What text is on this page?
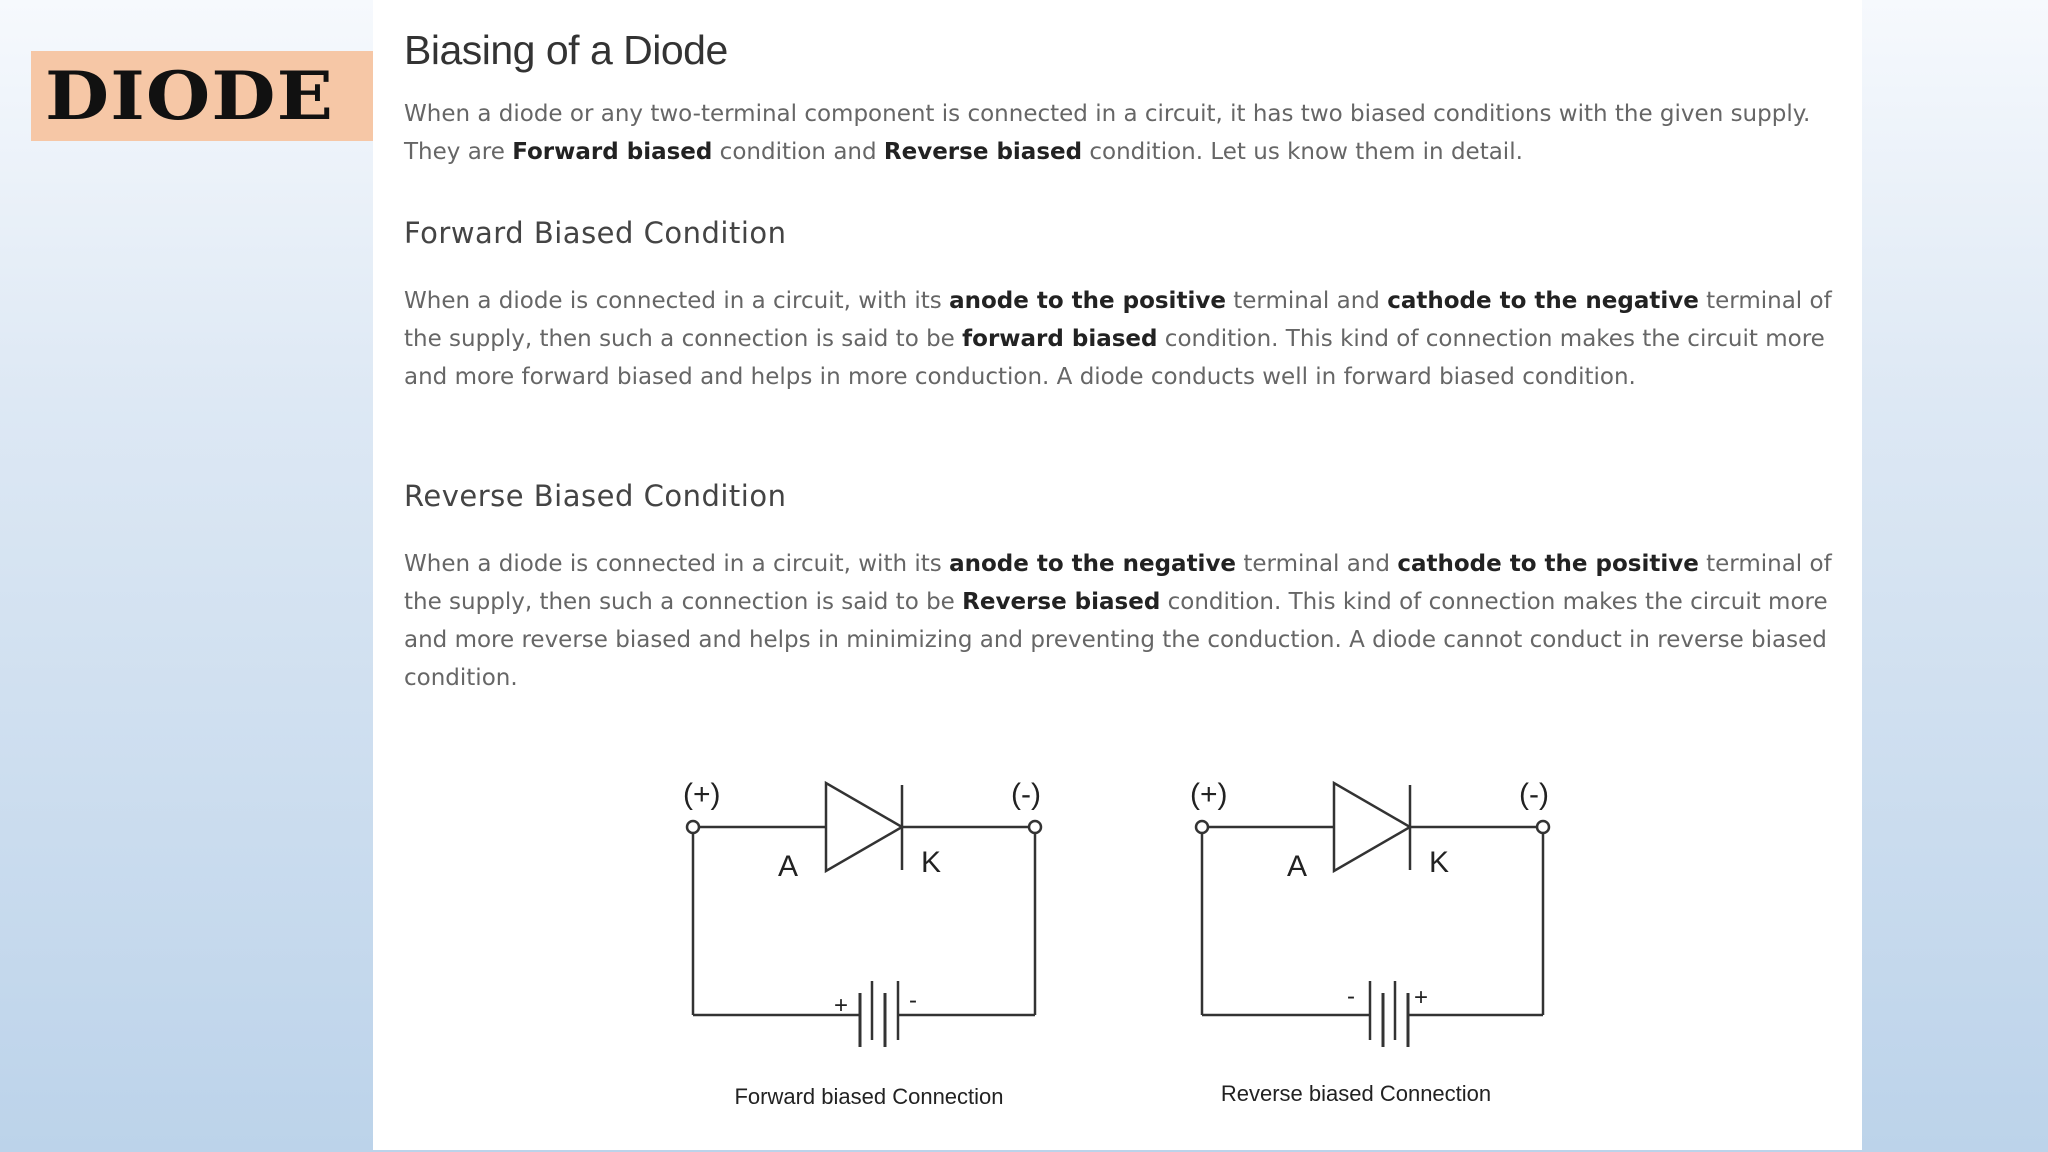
DIODE
Biasing of a Diode

When a diode or any two-terminal component is connected in a circuit, it has two biased conditions with the given supply. They are Forward biased condition and Reverse biased condition. Let us know them in detail.

Forward Biased Condition

When a diode is connected in a circuit, with its anode to the positive terminal and cathode to the negative terminal of the supply, then such a connection is said to be forward biased condition. This kind of connection makes the circuit more and more forward biased and helps in more conduction. A diode conducts well in forward biased condition.

Reverse Biased Condition

When a diode is connected in a circuit, with its anode to the negative terminal and cathode to the positive terminal of the supply, then such a connection is said to be Reverse biased condition. This kind of connection makes the circuit more and more reverse biased and helps in minimizing and preventing the conduction. A diode cannot conduct in reverse biased condition.

(+)	(-)
A	K
+	-
Forward biased Connection
(+)	(-)
A	K
- +
Reverse biased Connection
